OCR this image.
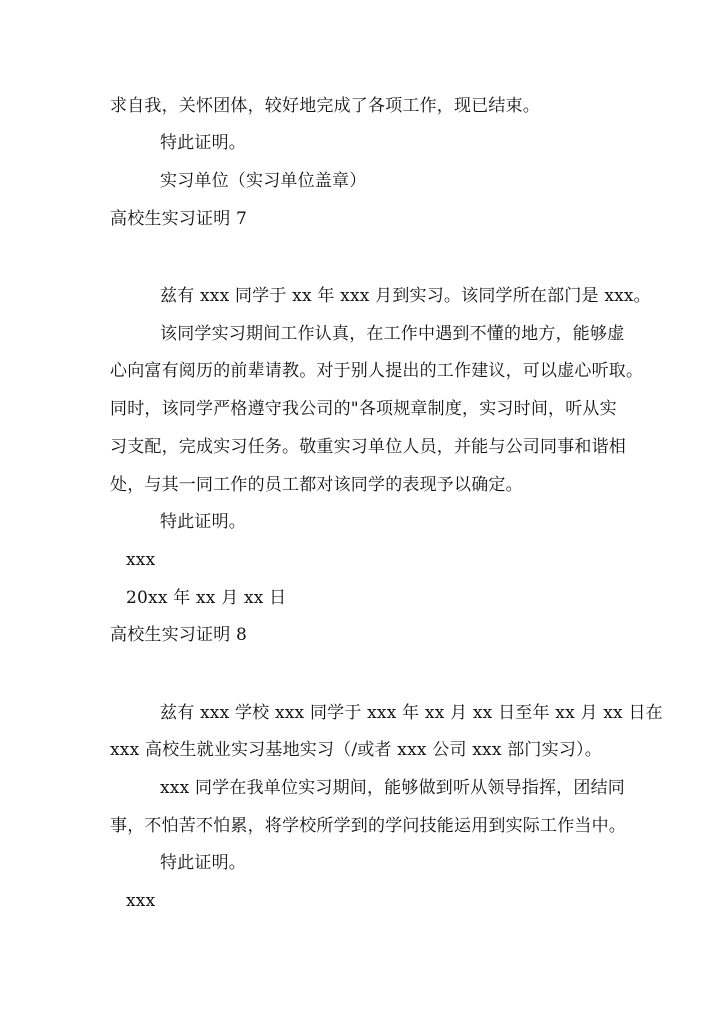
求自我，关怀团体，较好地完成了各项工作，现已结束。
特此证明。
实习单位（实习单位盖章）
高校生实习证明 7
兹有 xxx 同学于 xx 年 xxx 月到实习。该同学所在部门是 xxx。
该同学实习期间工作认真，在工作中遇到不懂的地方，能够虚
心向富有阅历的前辈请教。对于别人提出的工作建议，可以虚心听取。
同时，该同学严格遵守我公司的"各项规章制度，实习时间，听从实
习支配，完成实习任务。敬重实习单位人员，并能与公司同事和谐相
处，与其一同工作的员工都对该同学的表现予以确定。
特此证明。
xxx
20xx 年 xx 月 xx 日
高校生实习证明 8
兹有 xxx 学校 xxx 同学于 xxx 年 xx 月 xx 日至年 xx 月 xx 日在
xxx 高校生就业实习基地实习（/或者 xxx 公司 xxx 部门实习）。
xxx 同学在我单位实习期间，能够做到听从领导指挥，团结同
事，不怕苦不怕累，将学校所学到的学问技能运用到实际工作当中。
特此证明。
xxx
